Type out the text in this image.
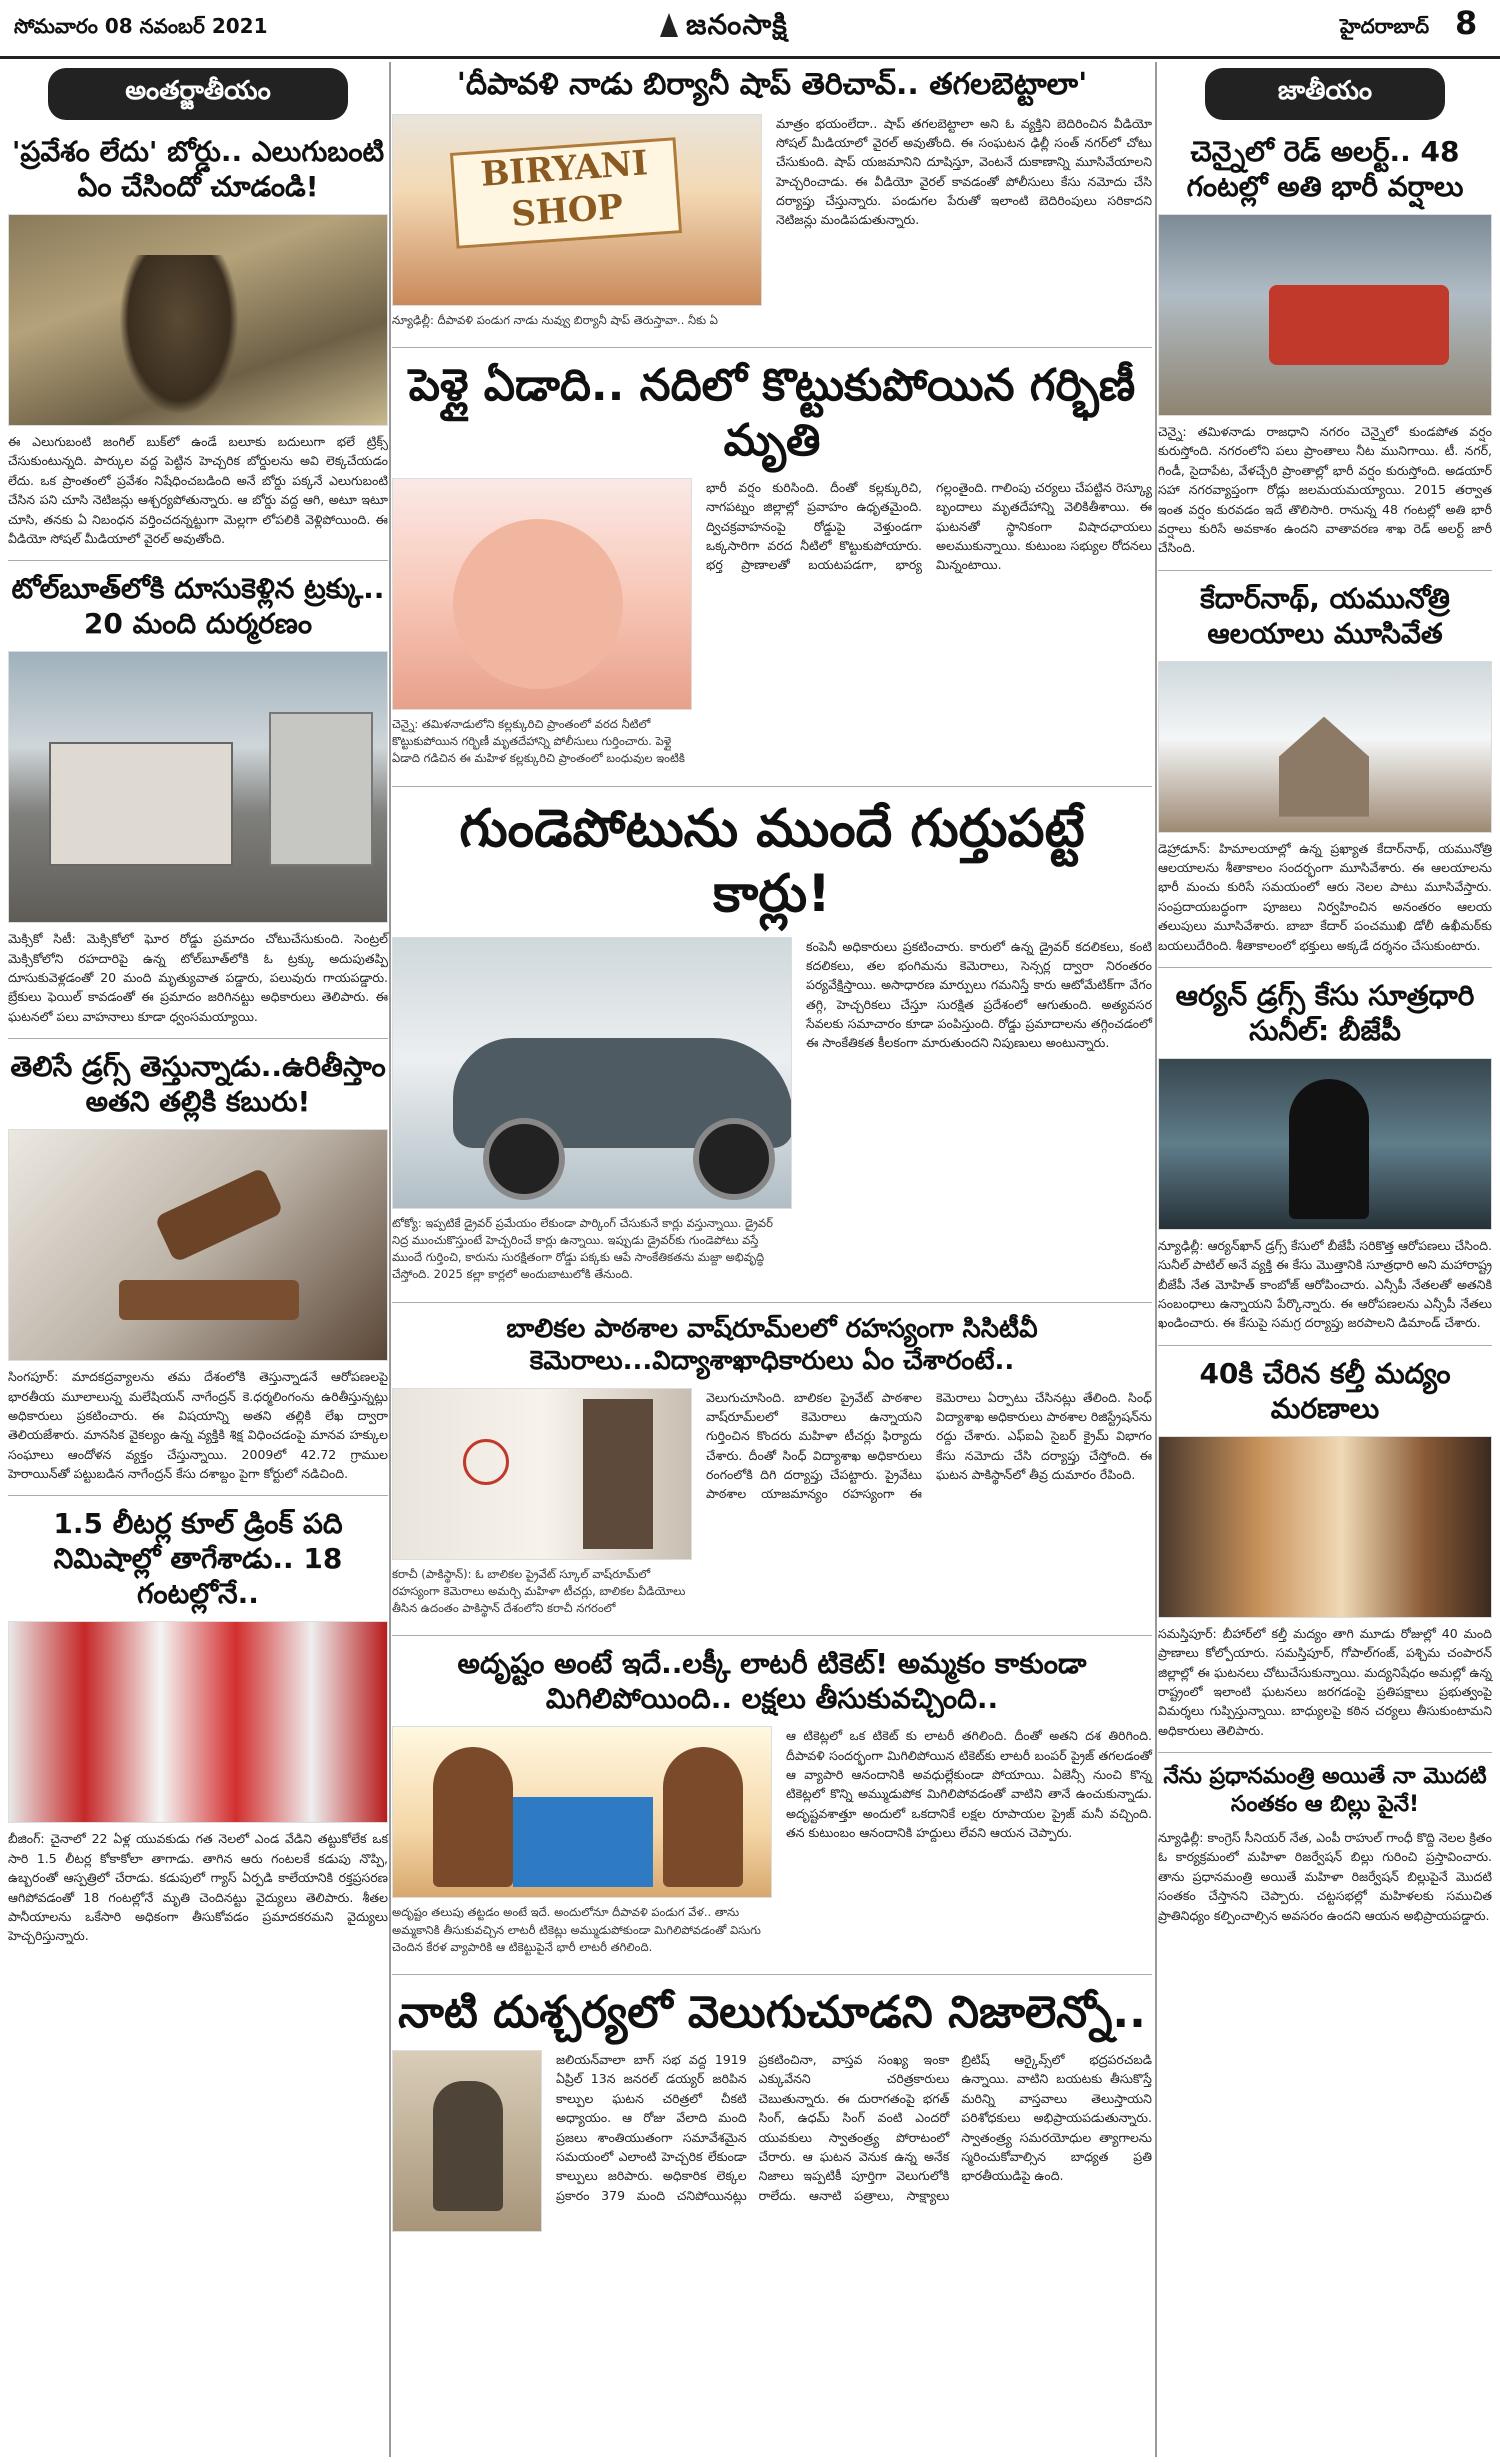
సోమవారం 08 నవంబర్ 2021	జనంసాక్షి	హైదరాబాద్ 8
అంతర్జాతీయం
'ప్రవేశం లేదు' బోర్డు.. ఎలుగుబంటి ఏం చేసిందో చూడండి!

ఈ ఎలుగుబంటి జంగిల్ బుక్‌లో ఉండే బలూకు బదులుగా భలే ట్రిక్స్ చేసుకుంటున్నది. పార్కుల వద్ద పెట్టిన హెచ్చరిక బోర్డులను అవి లెక్కచేయడం లేదు. ఒక ప్రాంతంలో ప్రవేశం నిషేధించబడింది అనే బోర్డు పక్కనే ఎలుగుబంటి చేసిన పని చూసి నెటిజన్లు ఆశ్చర్యపోతున్నారు. ఆ బోర్డు వద్ద ఆగి, అటూ ఇటూ చూసి, తనకు ఏ నిబంధన వర్తించదన్నట్టుగా మెల్లగా లోపలికి వెళ్లిపోయింది. ఈ వీడియో సోషల్ మీడియాలో వైరల్ అవుతోంది.

టోల్‌బూత్‌లోకి దూసుకెళ్లిన ట్రక్కు.. 20 మంది దుర్మరణం

మెక్సికో సిటీ: మెక్సికోలో ఘోర రోడ్డు ప్రమాదం చోటుచేసుకుంది. సెంట్రల్ మెక్సికోలోని రహదారిపై ఉన్న టోల్‌బూత్‌లోకి ఓ ట్రక్కు అదుపుతప్పి దూసుకువెళ్లడంతో 20 మంది మృత్యువాత పడ్డారు, పలువురు గాయపడ్డారు. బ్రేకులు ఫెయిల్ కావడంతో ఈ ప్రమాదం జరిగినట్టు అధికారులు తెలిపారు. ఈ ఘటనలో పలు వాహనాలు కూడా ధ్వంసమయ్యాయి.

తెలిసే డ్రగ్స్ తెస్తున్నాడు..ఉరితీస్తాం అతని తల్లికి కబురు!

సింగపూర్: మాదకద్రవ్యాలను తమ దేశంలోకి తెస్తున్నాడనే ఆరోపణలపై భారతీయ మూలాలున్న మలేషియన్ నాగేంద్రన్ కె.ధర్మలింగంను ఉరితీస్తున్నట్లు అధికారులు ప్రకటించారు. ఈ విషయాన్ని అతని తల్లికి లేఖ ద్వారా తెలియజేశారు. మానసిక వైకల్యం ఉన్న వ్యక్తికి శిక్ష విధించడంపై మానవ హక్కుల సంఘాలు ఆందోళన వ్యక్తం చేస్తున్నాయి. 2009లో 42.72 గ్రాముల హెరాయిన్‌తో పట్టుబడిన నాగేంద్రన్ కేసు దశాబ్దం పైగా కోర్టులో నడిచింది.

1.5 లీటర్ల కూల్ డ్రింక్ పది నిమిషాల్లో తాగేశాడు.. 18 గంటల్లోనే..

బీజింగ్: చైనాలో 22 ఏళ్ల యువకుడు గత నెలలో ఎండ వేడిని తట్టుకోలేక ఒక సారి 1.5 లీటర్ల కోకాకోలా తాగాడు. తాగిన ఆరు గంటలకే కడుపు నొప్పి, ఉబ్బరంతో ఆస్పత్రిలో చేరాడు. కడుపులో గ్యాస్ ఏర్పడి కాలేయానికి రక్తప్రసరణ ఆగిపోవడంతో 18 గంటల్లోనే మృతి చెందినట్టు వైద్యులు తెలిపారు. శీతల పానీయాలను ఒకేసారి అధికంగా తీసుకోవడం ప్రమాదకరమని వైద్యులు హెచ్చరిస్తున్నారు.

'దీపావళి నాడు బిర్యానీ షాప్ తెరిచావ్.. తగలబెట్టాలా'
BIRYANI SHOP
న్యూఢిల్లీ: దీపావళి పండుగ నాడు నువ్వు బిర్యానీ షాప్ తెరుస్తావా.. నీకు ఏ

మాత్రం భయంలేదా.. షాప్ తగలబెట్టాలా అని ఓ వ్యక్తిని బెదిరించిన వీడియో సోషల్ మీడియాలో వైరల్ అవుతోంది. ఈ సంఘటన ఢిల్లీ సంత్ నగర్‌లో చోటు చేసుకుంది. షాప్ యజమానిని దూషిస్తూ, వెంటనే దుకాణాన్ని మూసివేయాలని హెచ్చరించాడు. ఈ వీడియో వైరల్ కావడంతో పోలీసులు కేసు నమోదు చేసి దర్యాప్తు చేస్తున్నారు. పండుగల పేరుతో ఇలాంటి బెదిరింపులు సరికాదని నెటిజన్లు మండిపడుతున్నారు.

పెళ్లై ఏడాది.. నదిలో కొట్టుకుపోయిన గర్భిణీ మృతి
చెన్నై: తమిళనాడులోని కల్లక్కురిచి ప్రాంతంలో వరద నీటిలో కొట్టుకుపోయిన గర్భిణీ మృతదేహాన్ని పోలీసులు గుర్తించారు. పెళ్లై ఏడాది గడిచిన ఈ మహిళ కల్లక్కురిచి ప్రాంతంలో బంధువుల ఇంటికి

భారీ వర్షం కురిసింది. దీంతో కల్లక్కురిచి, నాగపట్నం జిల్లాల్లో ప్రవాహం ఉధృతమైంది. ద్విచక్రవాహనంపై రోడ్డుపై వెళ్తుండగా ఒక్కసారిగా వరద నీటిలో కొట్టుకుపోయారు. భర్త ప్రాణాలతో బయటపడగా, భార్య గల్లంతైంది. గాలింపు చర్యలు చేపట్టిన రెస్క్యూ బృందాలు మృతదేహాన్ని వెలికితీశాయి. ఈ ఘటనతో స్థానికంగా విషాదఛాయలు అలముకున్నాయి. కుటుంబ సభ్యుల రోదనలు మిన్నంటాయి.

గుండెపోటును ముందే గుర్తుపట్టే కార్లు!
టోక్యో: ఇప్పటికే డ్రైవర్ ప్రమేయం లేకుండా పార్కింగ్ చేసుకునే కార్లు వస్తున్నాయి. డ్రైవర్ నిద్ర ముంచుకొస్తుంటే హెచ్చరించే కార్లు ఉన్నాయి. ఇప్పుడు డ్రైవర్‌కు గుండెపోటు వస్తే ముందే గుర్తించి, కారును సురక్షితంగా రోడ్డు పక్కకు ఆపే సాంకేతికతను మజ్దా అభివృద్ధి చేస్తోంది. 2025 కల్లా కార్లలో అందుబాటులోకి తేనుంది.

కంపెనీ అధికారులు ప్రకటించారు. కారులో ఉన్న డ్రైవర్ కదలికలు, కంటి కదలికలు, తల భంగిమను కెమెరాలు, సెన్సర్ల ద్వారా నిరంతరం పర్యవేక్షిస్తాయి. అసాధారణ మార్పులు గమనిస్తే కారు ఆటోమేటిక్‌గా వేగం తగ్గి, హెచ్చరికలు చేస్తూ సురక్షిత ప్రదేశంలో ఆగుతుంది. అత్యవసర సేవలకు సమాచారం కూడా పంపిస్తుంది. రోడ్డు ప్రమాదాలను తగ్గించడంలో ఈ సాంకేతికత కీలకంగా మారుతుందని నిపుణులు అంటున్నారు.

బాలికల పాఠశాల వాష్‌రూమ్‌లలో రహస్యంగా సిసిటీవీ కెమెరాలు...విద్యాశాఖాధికారులు ఏం చేశారంటే..
కరాచీ (పాకిస్థాన్): ఓ బాలికల ప్రైవేట్ స్కూల్ వాష్‌రూమ్‌లో రహస్యంగా కెమెరాలు అమర్చి మహిళా టీచర్లు, బాలికల వీడియోలు తీసిన ఉదంతం పాకిస్థాన్ దేశంలోని కరాచీ నగరంలో

వెలుగుచూసింది. బాలికల ప్రైవేట్ పాఠశాల వాష్‌రూమ్‌లలో కెమెరాలు ఉన్నాయని గుర్తించిన కొందరు మహిళా టీచర్లు ఫిర్యాదు చేశారు. దీంతో సింధ్ విద్యాశాఖ అధికారులు రంగంలోకి దిగి దర్యాప్తు చేపట్టారు. ప్రైవేటు పాఠశాల యాజమాన్యం రహస్యంగా ఈ కెమెరాలు ఏర్పాటు చేసినట్లు తేలింది. సింధ్ విద్యాశాఖ అధికారులు పాఠశాల రిజిస్ట్రేషన్‌ను రద్దు చేశారు. ఎఫ్ఐఏ సైబర్ క్రైమ్ విభాగం కేసు నమోదు చేసి దర్యాప్తు చేస్తోంది. ఈ ఘటన పాకిస్థాన్‌లో తీవ్ర దుమారం రేపింది.

అదృష్టం అంటే ఇదే..లక్కీ లాటరీ టికెట్! అమ్మకం కాకుండా మిగిలిపోయింది.. లక్షలు తీసుకువచ్చింది..
అదృష్టం తలుపు తట్టడం అంటే ఇదే. అందులోనూ దీపావళి పండుగ వేళ.. తాను అమ్మకానికి తీసుకువచ్చిన లాటరీ టికెట్లు అమ్ముడుపోకుండా మిగిలిపోవడంతో విసుగు చెందిన కేరళ వ్యాపారికి ఆ టికెట్టుపైనే భారీ లాటరీ తగిలింది.

ఆ టికెట్లలో ఒక టికెట్ కు లాటరీ తగిలింది. దీంతో అతని దశ తిరిగింది. దీపావళి సందర్భంగా మిగిలిపోయిన టికెట్‌కు లాటరీ బంపర్ ప్రైజ్ తగలడంతో ఆ వ్యాపారి ఆనందానికి అవధుల్లేకుండా పోయాయి. ఏజెన్సీ నుంచి కొన్న టికెట్లలో కొన్ని అమ్ముడుపోక మిగిలిపోవడంతో వాటిని తానే ఉంచుకున్నాడు. అదృష్టవశాత్తూ అందులో ఒకదానికే లక్షల రూపాయల ప్రైజ్ మనీ వచ్చింది. తన కుటుంబం ఆనందానికి హద్దులు లేవని ఆయన చెప్పారు.

నాటి దుశ్చర్యలో వెలుగుచూడని నిజాలెన్నో..

జలియన్‌వాలా బాగ్ సభ వద్ద 1919 ఏప్రిల్ 13న జనరల్ డయ్యర్ జరిపిన కాల్పుల ఘటన చరిత్రలో చీకటి అధ్యాయం. ఆ రోజు వేలాది మంది ప్రజలు శాంతియుతంగా సమావేశమైన సమయంలో ఎలాంటి హెచ్చరిక లేకుండా కాల్పులు జరిపారు. అధికారిక లెక్కల ప్రకారం 379 మంది చనిపోయినట్లు ప్రకటించినా, వాస్తవ సంఖ్య ఇంకా ఎక్కువేనని చరిత్రకారులు చెబుతున్నారు. ఈ దురాగతంపై భగత్ సింగ్, ఉధమ్ సింగ్ వంటి ఎందరో యువకులు స్వాతంత్ర్య పోరాటంలో చేరారు. ఆ ఘటన వెనుక ఉన్న అనేక నిజాలు ఇప్పటికీ పూర్తిగా వెలుగులోకి రాలేదు. ఆనాటి పత్రాలు, సాక్ష్యాలు బ్రిటిష్ ఆర్కైవ్స్‌లో భద్రపరచబడి ఉన్నాయి. వాటిని బయటకు తీసుకొస్తే మరిన్ని వాస్తవాలు తెలుస్తాయని పరిశోధకులు అభిప్రాయపడుతున్నారు. స్వాతంత్ర్య సమరయోధుల త్యాగాలను స్మరించుకోవాల్సిన బాధ్యత ప్రతి భారతీయుడిపై ఉంది.

జాతీయం
చెన్నైలో రెడ్ అలర్ట్.. 48 గంటల్లో అతి భారీ వర్షాలు

చెన్నై: తమిళనాడు రాజధాని నగరం చెన్నైలో కుండపోత వర్షం కురుస్తోంది. నగరంలోని పలు ప్రాంతాలు నీట మునిగాయి. టీ. నగర్, గిండీ, సైదాపేట, వేళచ్చేరి ప్రాంతాల్లో భారీ వర్షం కురుస్తోంది. అడయార్ సహా నగరవ్యాప్తంగా రోడ్లు జలమయమయ్యాయి. 2015 తర్వాత ఇంత వర్షం కురవడం ఇదే తొలిసారి. రానున్న 48 గంటల్లో అతి భారీ వర్షాలు కురిసే అవకాశం ఉందని వాతావరణ శాఖ రెడ్ అలర్ట్ జారీ చేసింది.

కేదార్‌నాథ్, యమునోత్రి ఆలయాలు మూసివేత

డెహ్రాడూన్: హిమాలయాల్లో ఉన్న ప్రఖ్యాత కేదార్‌నాథ్, యమునోత్రి ఆలయాలను శీతాకాలం సందర్భంగా మూసివేశారు. ఈ ఆలయాలను భారీ మంచు కురిసే సమయంలో ఆరు నెలల పాటు మూసివేస్తారు. సంప్రదాయబద్ధంగా పూజలు నిర్వహించిన అనంతరం ఆలయ తలుపులు మూసివేశారు. బాబా కేదార్ పంచముఖి డోలీ ఉఖీమఠ్‌కు బయలుదేరింది. శీతాకాలంలో భక్తులు అక్కడే దర్శనం చేసుకుంటారు.

ఆర్యన్ డ్రగ్స్ కేసు సూత్రధారి సునీల్: బీజేపీ

న్యూఢిల్లీ: ఆర్యన్‌ఖాన్ డ్రగ్స్ కేసులో బీజేపీ సరికొత్త ఆరోపణలు చేసింది. సునీల్ పాటిల్ అనే వ్యక్తి ఈ కేసు మొత్తానికి సూత్రధారి అని మహారాష్ట్ర బీజేపీ నేత మోహిత్ కాంబోజ్ ఆరోపించారు. ఎన్సీపీ నేతలతో అతనికి సంబంధాలు ఉన్నాయని పేర్కొన్నారు. ఈ ఆరోపణలను ఎన్సీపీ నేతలు ఖండించారు. ఈ కేసుపై సమగ్ర దర్యాప్తు జరపాలని డిమాండ్ చేశారు.

40కి చేరిన కల్తీ మద్యం మరణాలు

సమస్తిపూర్: బీహార్‌లో కల్తీ మద్యం తాగి మూడు రోజుల్లో 40 మంది ప్రాణాలు కోల్పోయారు. సమస్తిపూర్, గోపాల్‌గంజ్, పశ్చిమ చంపారన్ జిల్లాల్లో ఈ ఘటనలు చోటుచేసుకున్నాయి. మద్యనిషేధం అమల్లో ఉన్న రాష్ట్రంలో ఇలాంటి ఘటనలు జరగడంపై ప్రతిపక్షాలు ప్రభుత్వంపై విమర్శలు గుప్పిస్తున్నాయి. బాధ్యులపై కఠిన చర్యలు తీసుకుంటామని అధికారులు తెలిపారు.

నేను ప్రధానమంత్రి అయితే నా మొదటి సంతకం ఆ బిల్లు పైనే!

న్యూఢిల్లీ: కాంగ్రెస్ సీనియర్ నేత, ఎంపీ రాహుల్ గాంధీ కొద్ది నెలల క్రితం ఓ కార్యక్రమంలో మహిళా రిజర్వేషన్ బిల్లు గురించి ప్రస్తావించారు. తాను ప్రధానమంత్రి అయితే మహిళా రిజర్వేషన్ బిల్లుపైనే మొదటి సంతకం చేస్తానని చెప్పారు. చట్టసభల్లో మహిళలకు సముచిత ప్రాతినిధ్యం కల్పించాల్సిన అవసరం ఉందని ఆయన అభిప్రాయపడ్డారు.
